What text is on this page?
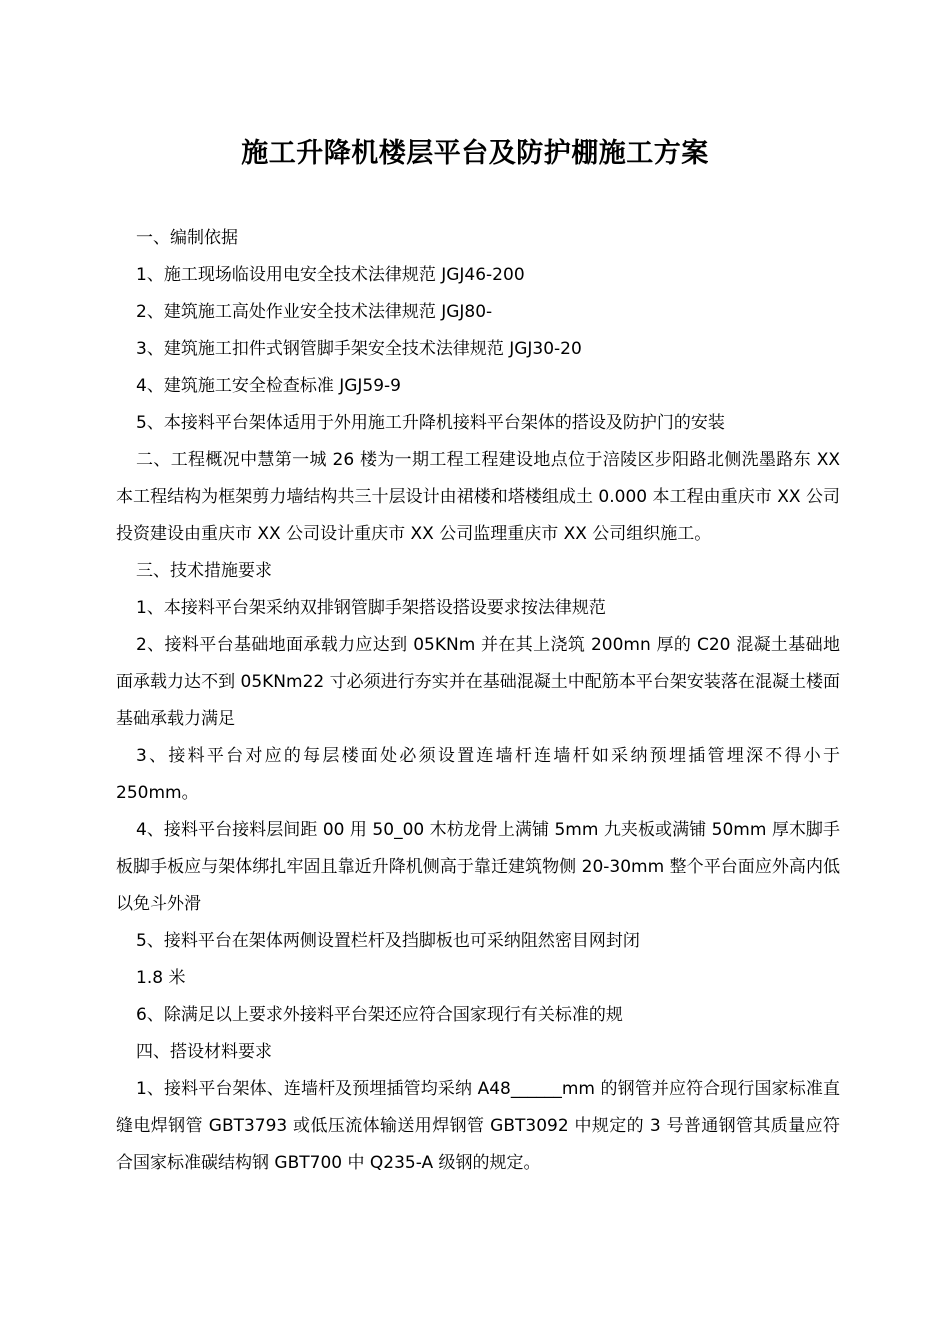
施工升降机楼层平台及防护棚施工方案

一、编制依据

1、施工现场临设用电安全技术法律规范 JGJ46-200

2、建筑施工高处作业安全技术法律规范 JGJ80-

3、建筑施工扣件式钢管脚手架安全技术法律规范 JGJ30-20

4、建筑施工安全检查标准 JGJ59-9

5、本接料平台架体适用于外用施工升降机接料平台架体的搭设及防护门的安装

二、工程概况中慧第一城 26 楼为一期工程工程建设地点位于涪陵区步阳路北侧洗墨路东 XX 本工程结构为框架剪力墙结构共三十层设计由裙楼和塔楼组成土 0.000 本工程由重庆市 XX 公司投资建设由重庆市 XX 公司设计重庆市 XX 公司监理重庆市 XX 公司组织施工。

三、技术措施要求

1、本接料平台架采纳双排钢管脚手架搭设搭设要求按法律规范

2、接料平台基础地面承载力应达到 05KNm 并在其上浇筑 200mn 厚的 C20 混凝土基础地面承载力达不到 05KNm22 寸必须进行夯实并在基础混凝土中配筋本平台架安装落在混凝土楼面基础承载力满足

3、接料平台对应的每层楼面处必须设置连墙杆连墙杆如采纳预埋插管埋深不得小于 250mm。

4、接料平台接料层间距 00 用 50_00 木枋龙骨上满铺 5mm 九夹板或满铺 50mm 厚木脚手板脚手板应与架体绑扎牢固且靠近升降机侧高于靠迁建筑物侧 20-30mm 整个平台面应外高内低以免斗外滑

5、接料平台在架体两侧设置栏杆及挡脚板也可采纳阻然密目网封闭

1.8 米

6、除满足以上要求外接料平台架还应符合国家现行有关标准的规

四、搭设材料要求

1、接料平台架体、连墙杆及预埋插管均采纳 A48______mm 的钢管并应符合现行国家标准直缝电焊钢管 GBT3793 或低压流体输送用焊钢管 GBT3092 中规定的 3 号普通钢管其质量应符合国家标准碳结构钢 GBT700 中 Q235-A 级钢的规定。
